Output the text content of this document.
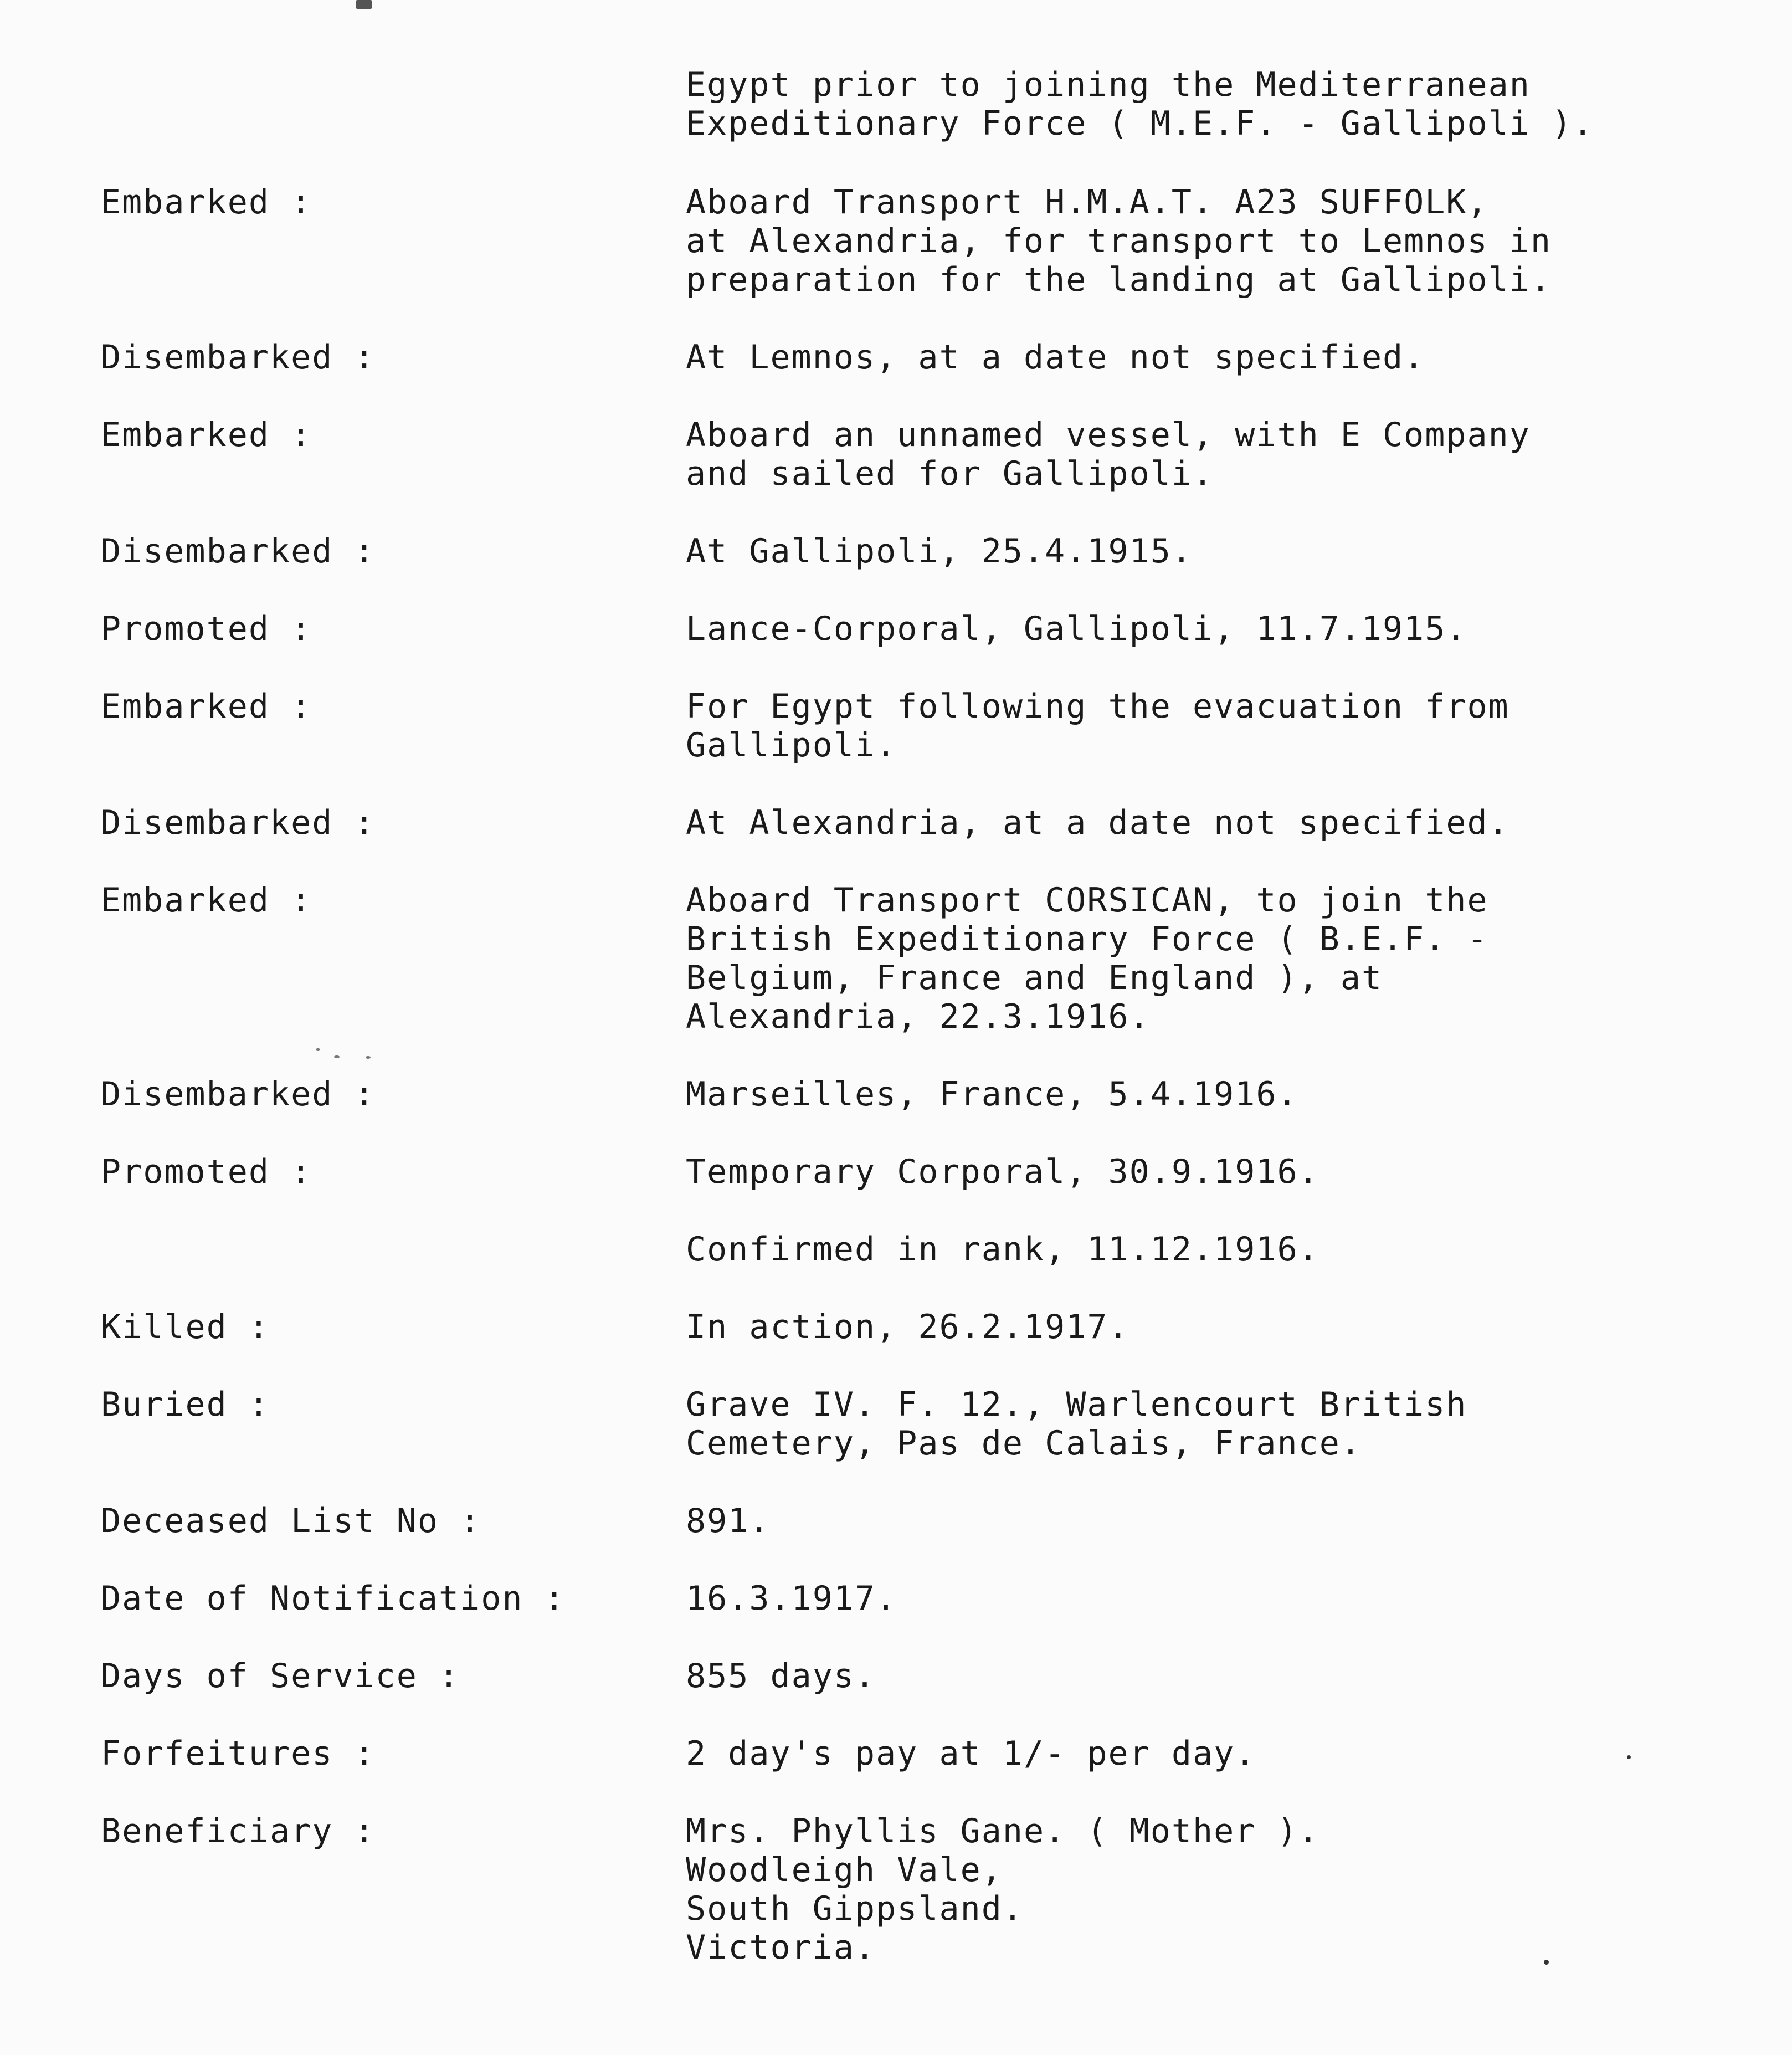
Egypt prior to joining the Mediterranean
Expeditionary Force ( M.E.F. - Gallipoli ).
Embarked :	Aboard Transport H.M.A.T. A23 SUFFOLK,
at Alexandria, for transport to Lemnos in
preparation for the landing at Gallipoli.
Disembarked :	At Lemnos, at a date not specified.
Embarked :	Aboard an unnamed vessel, with E Company
and sailed for Gallipoli.
Disembarked :	At Gallipoli, 25.4.1915.
Promoted :	Lance-Corporal, Gallipoli, 11.7.1915.
Embarked :	For Egypt following the evacuation from
Gallipoli.
Disembarked :	At Alexandria, at a date not specified.
Embarked :	Aboard Transport CORSICAN, to join the
British Expeditionary Force ( B.E.F. -
Belgium, France and England ), at
Alexandria, 22.3.1916.
Disembarked :	Marseilles, France, 5.4.1916.
Promoted :	Temporary Corporal, 30.9.1916.
Confirmed in rank, 11.12.1916.
Killed :	In action, 26.2.1917.
Buried :	Grave IV. F. 12., Warlencourt British
Cemetery, Pas de Calais, France.
Deceased List No :	891.
Date of Notification :	16.3.1917.
Days of Service :	855 days.
Forfeitures :	2 day's pay at 1/- per day.
Beneficiary :	Mrs. Phyllis Gane. ( Mother ).
Woodleigh Vale,
South Gippsland.
Victoria.
